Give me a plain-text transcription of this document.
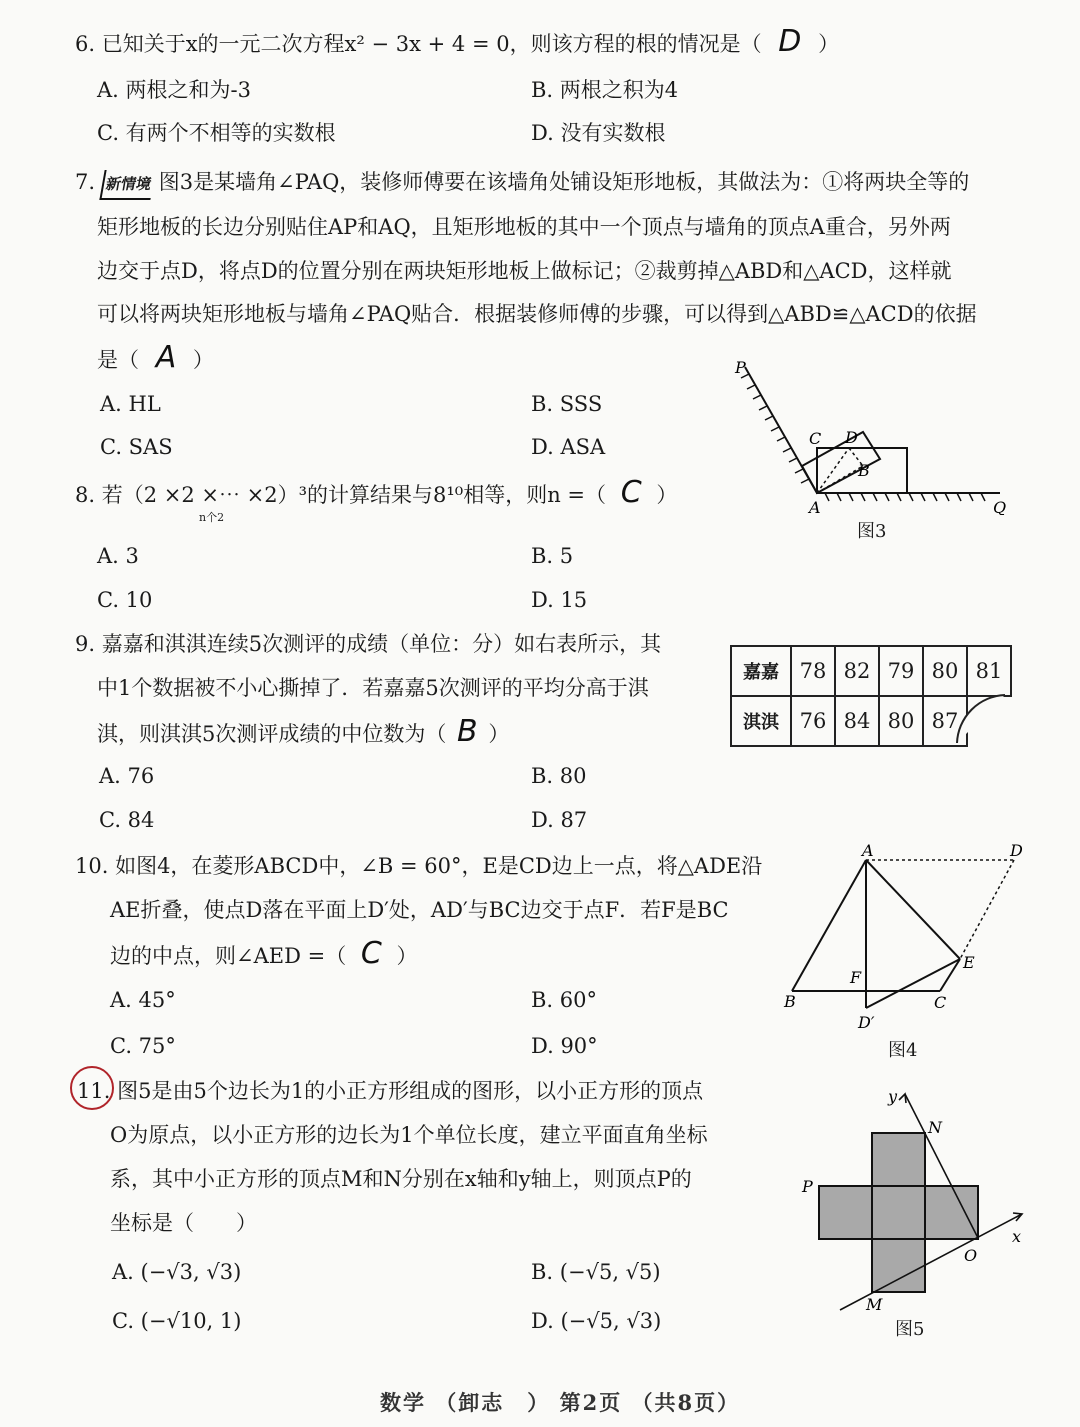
6. 已知关于x的一元二次方程x² − 3x + 4 = 0，则该方程的根的情况是（ D ）
A. 两根之和为-3	B. 两根之积为4
C. 有两个不相等的实数根	D. 没有实数根
7. 新情境 图3是某墙角∠PAQ，装修师傅要在该墙角处铺设矩形地板，其做法为：①将两块全等的
矩形地板的长边分别贴住AP和AQ，且矩形地板的其中一个顶点与墙角的顶点A重合，另外两
边交于点D，将点D的位置分别在两块矩形地板上做标记；②裁剪掉△ABD和△ACD，这样就
可以将两块矩形地板与墙角∠PAQ贴合．根据装修师傅的步骤，可以得到△ABD≌△ACD的依据
是（ A ）
A. HL	B. SSS
C. SAS	D. ASA
P
A
C D
B
Q
图3
8. 若（2 ×2 ×⋯ ×2）³的计算结果与8¹⁰相等，则n =（ C ）
n个2
A. 3	B. 5
C. 10	D. 15
9. 嘉嘉和淇淇连续5次测评的成绩（单位：分）如右表所示，其
中1个数据被不小心撕掉了．若嘉嘉5次测评的平均分高于淇
淇，则淇淇5次测评成绩的中位数为（ B ）
A. 76	B. 80
C. 84	D. 87
嘉嘉	78	82	79	80	81
淇淇	76	84	80	87	
10. 如图4，在菱形ABCD中，∠B = 60°，E是CD边上一点，将△ADE沿
AE折叠，使点D落在平面上D′处，AD′与BC边交于点F．若F是BC
边的中点，则∠AED =（ C ）
A. 45°	B. 60°
C. 75°	D. 90°
A	D
B	C
E
F
D′
图4
11. 图5是由5个边长为1的小正方形组成的图形，以小正方形的顶点
O为原点，以小正方形的边长为1个单位长度，建立平面直角坐标
系，其中小正方形的顶点M和N分别在x轴和y轴上，则顶点P的
坐标是（　　）
A. (−√3, √3)	B. (−√5, √5)
C. (−√10, 1)	D. (−√5, √3)
y
N
P
x
O
M
图5
数学 （卸志　） 第2页 （共8页）
